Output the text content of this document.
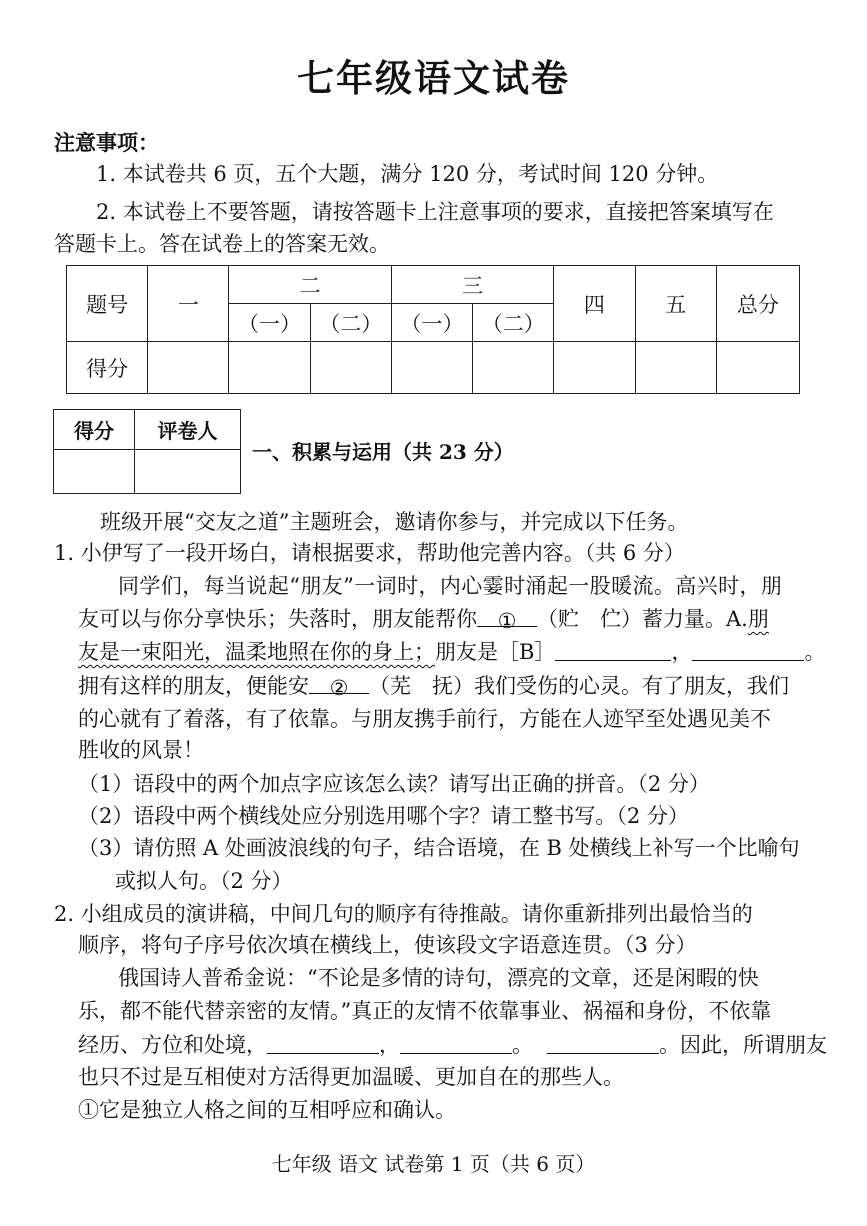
七年级语文试卷
注意事项：
1. 本试卷共 6 页，五个大题，满分 120 分，考试时间 120 分钟。
2. 本试卷上不要答题，请按答题卡上注意事项的要求，直接把答案填写在
答题卡上。答在试卷上的答案无效。
题号	一	二		三		四	五	总分
		（一）	（二）	（一）	（二）			
得分								
得分	评卷人

一、积累与运用（共 23 分）
班级开展“交友之道”主题班会，邀请你参与，并完成以下任务。
1. 小伊写了一段开场白，请根据要求，帮助他完善内容。（共 6 分）
同学们，每当说起“朋友”一词时，内心霎时涌起一股暖流。高兴时，朋
友可以与你分享快乐；失落时，朋友能帮你 ① （贮　伫）蓄力量。A.朋
友是一束阳光，温柔地照在你的身上；朋友是［B］	，	。
拥有这样的朋友，便能安 ② （芜　抚）我们受伤的心灵。有了朋友，我们
的心就有了着落，有了依靠。与朋友携手前行，方能在人迹罕至处遇见美不
胜收的风景！
（1）语段中的两个加点字应该怎么读？请写出正确的拼音。（2 分）
（2）语段中两个横线处应分别选用哪个字？请工整书写。（2 分）
（3）请仿照 A 处画波浪线的句子，结合语境，在 B 处横线上补写一个比喻句
或拟人句。（2 分）
2. 小组成员的演讲稿，中间几句的顺序有待推敲。请你重新排列出最恰当的
顺序，将句子序号依次填在横线上，使该段文字语意连贯。（3 分）
俄国诗人普希金说：“不论是多情的诗句，漂亮的文章，还是闲暇的快
乐，都不能代替亲密的友情。”真正的友情不依靠事业、祸福和身份，不依靠
经历、方位和处境，	，	。	。因此，所谓朋友
也只不过是互相使对方活得更加温暖、更加自在的那些人。
①它是独立人格之间的互相呼应和确认。
七年级 语文 试卷第 1 页（共 6 页）
